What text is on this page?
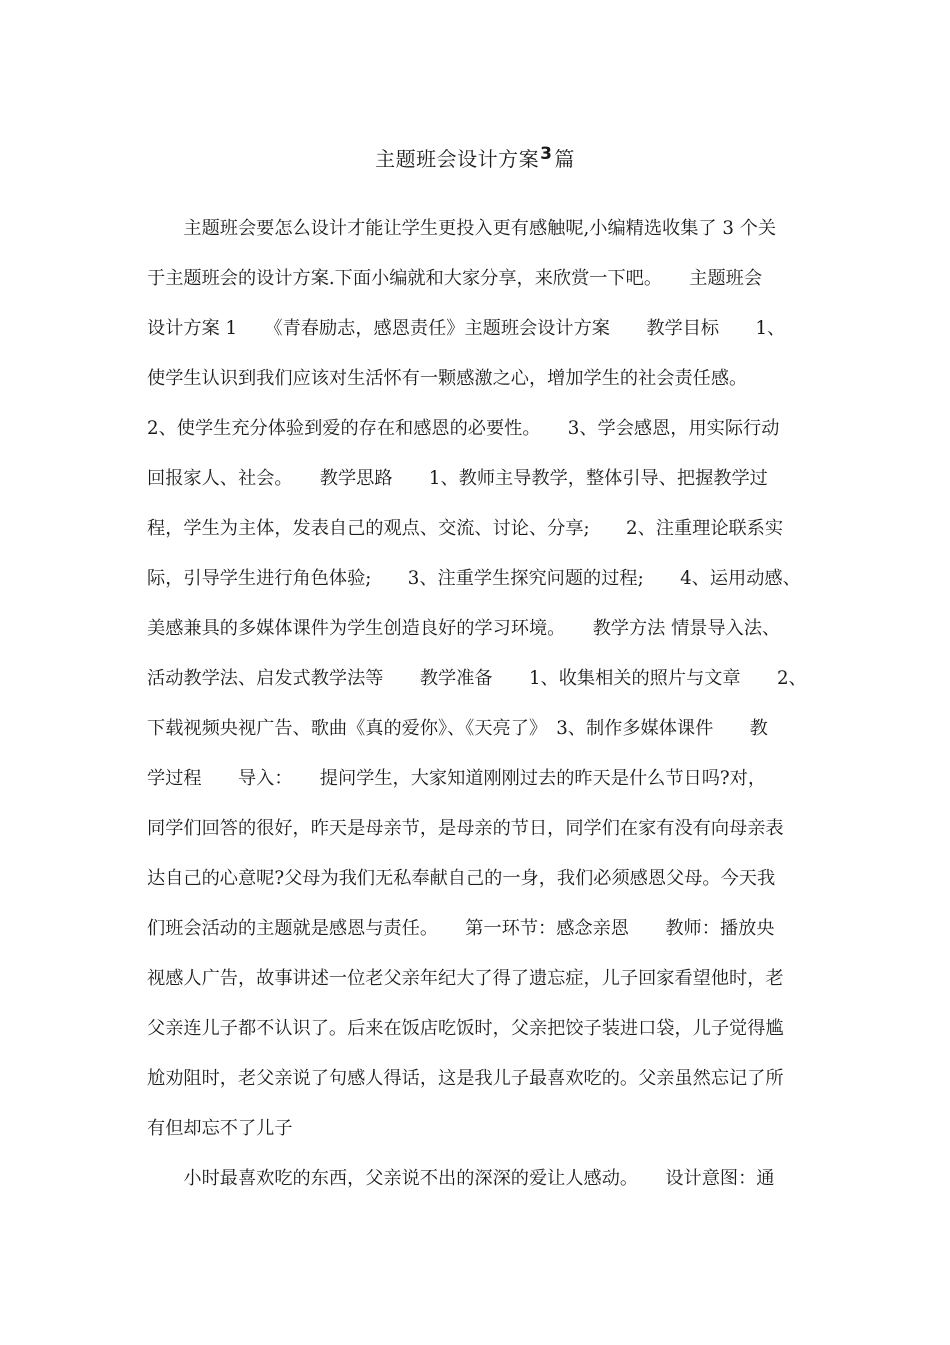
主题班会设计方案$^3$ 篇
　　主题班会要怎么设计才能让学生更投入更有感触呢,小编精选收集了 3 个关
于主题班会的设计方案.下面小编就和大家分享，来欣赏一下吧。　　主题班会
设计方案 1　　《青春励志，感恩责任》主题班会设计方案　　教学目标　　1、
使学生认识到我们应该对生活怀有一颗感激之心，增加学生的社会责任感。
2、使学生充分体验到爱的存在和感恩的必要性。　　3、学会感恩，用实际行动
回报家人、社会。　　教学思路　　1、教师主导教学，整体引导、把握教学过
程，学生为主体，发表自己的观点、交流、讨论、分享;　　2、注重理论联系实
际，引导学生进行角色体验;　　3、注重学生探究问题的过程;　　4、运用动感、
美感兼具的多媒体课件为学生创造良好的学习环境。　　教学方法 情景导入法、
活动教学法、启发式教学法等　　教学准备　　1、收集相关的照片与文章　　2、
下载视频央视广告、歌曲《真的爱你》、《天亮了》　3、制作多媒体课件　　教
学过程　　导入：　　提问学生，大家知道刚刚过去的昨天是什么节日吗?对，
同学们回答的很好，昨天是母亲节，是母亲的节日，同学们在家有没有向母亲表
达自己的心意呢?父母为我们无私奉献自己的一身，我们必须感恩父母。今天我
们班会活动的主题就是感恩与责任。　　第一环节：感念亲恩　　教师：播放央
视感人广告，故事讲述一位老父亲年纪大了得了遗忘症，儿子回家看望他时，老
父亲连儿子都不认识了。后来在饭店吃饭时，父亲把饺子装进口袋，儿子觉得尴
尬劝阻时，老父亲说了句感人得话，这是我儿子最喜欢吃的。父亲虽然忘记了所
有但却忘不了儿子
　　小时最喜欢吃的东西，父亲说不出的深深的爱让人感动。　　设计意图：通
